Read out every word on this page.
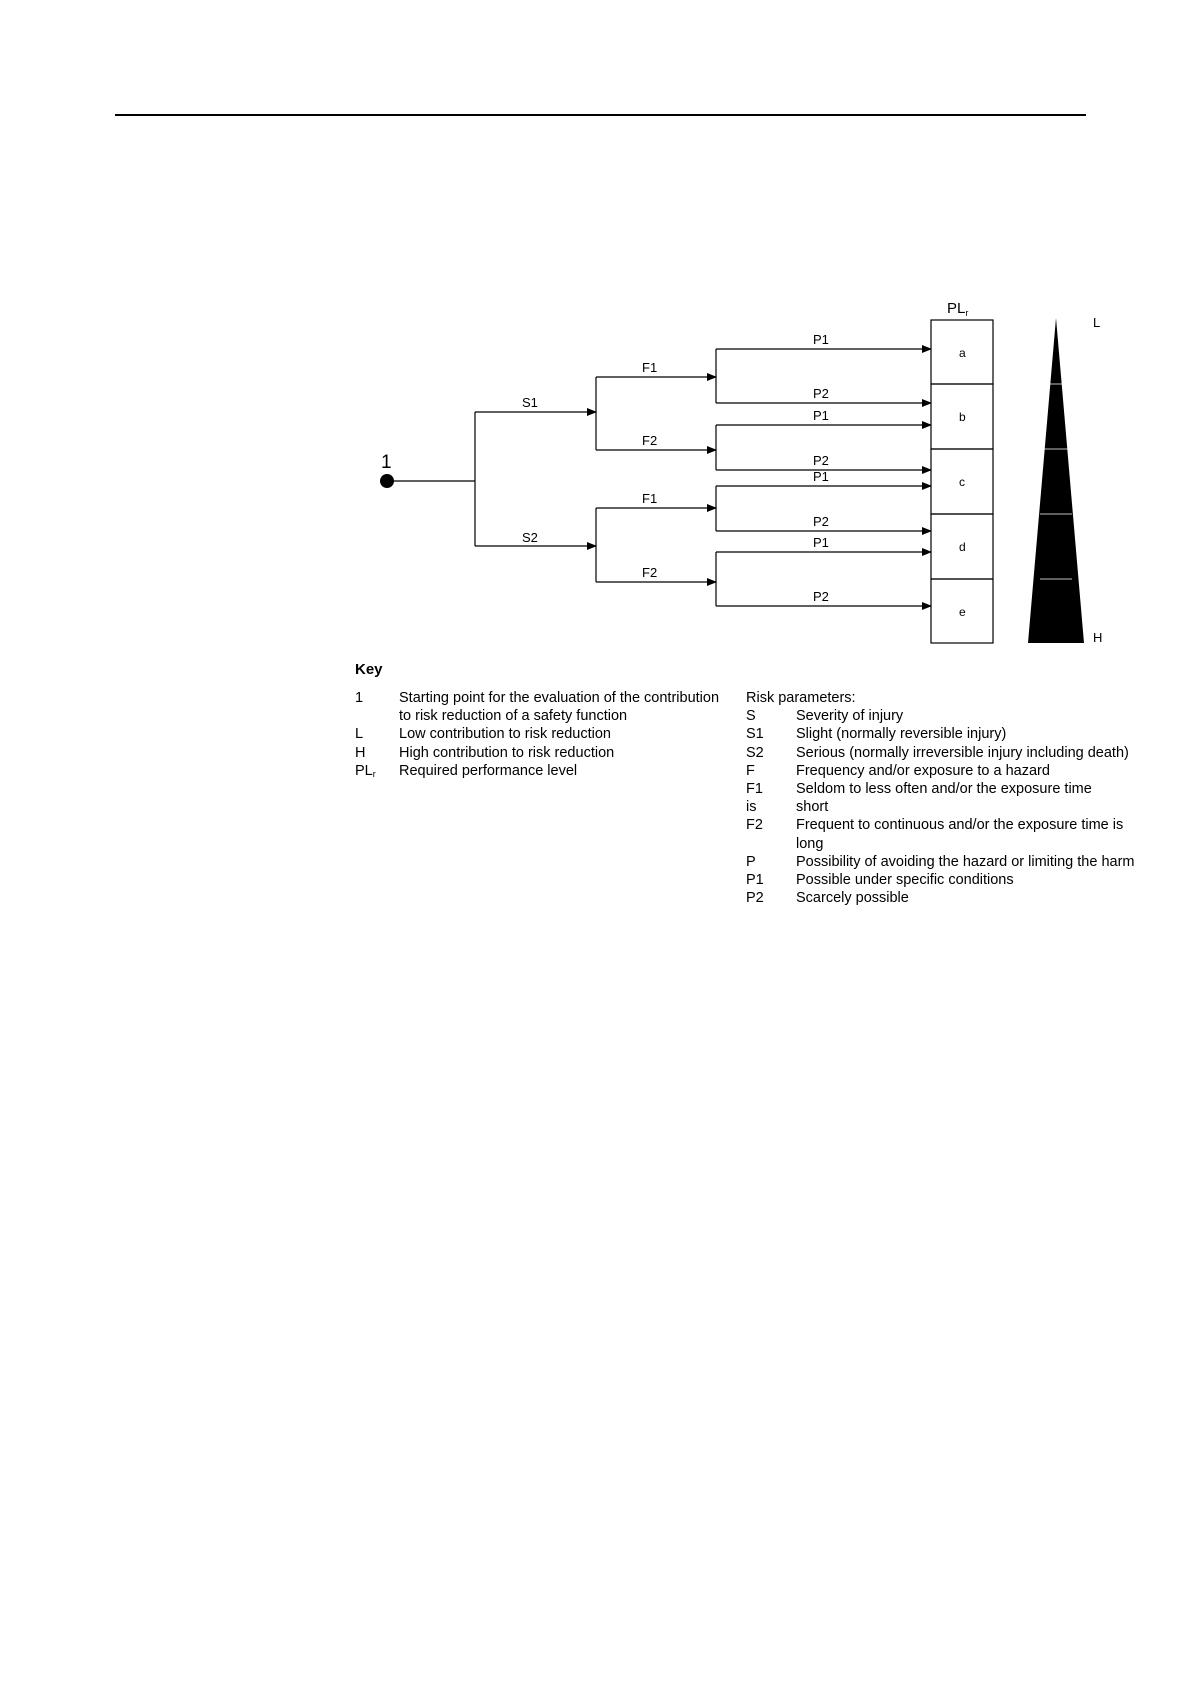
1
$PL_r$
S1
S2
F1
F2
F1
F2
P1
P2
P1
P2
P1
P2
P1
P2
a
b
c
d
e
L
H
Key
1	Starting point for the evaluation of the contribution to risk reduction of a safety function
L	Low contribution to risk reduction
H	High contribution to risk reduction
$PL_r$	Required performance level
Risk parameters:
S	Severity of injury
S1	Slight (normally reversible injury)
S2	Serious (normally irreversible injury including death)
F	Frequency and/or exposure to a hazard
F1	Seldom to less often and/or the exposure time
is	short
F2	Frequent to continuous and/or the exposure time is long
P	Possibility of avoiding the hazard or limiting the harm
P1	Possible under specific conditions
P2	Scarcely possible
